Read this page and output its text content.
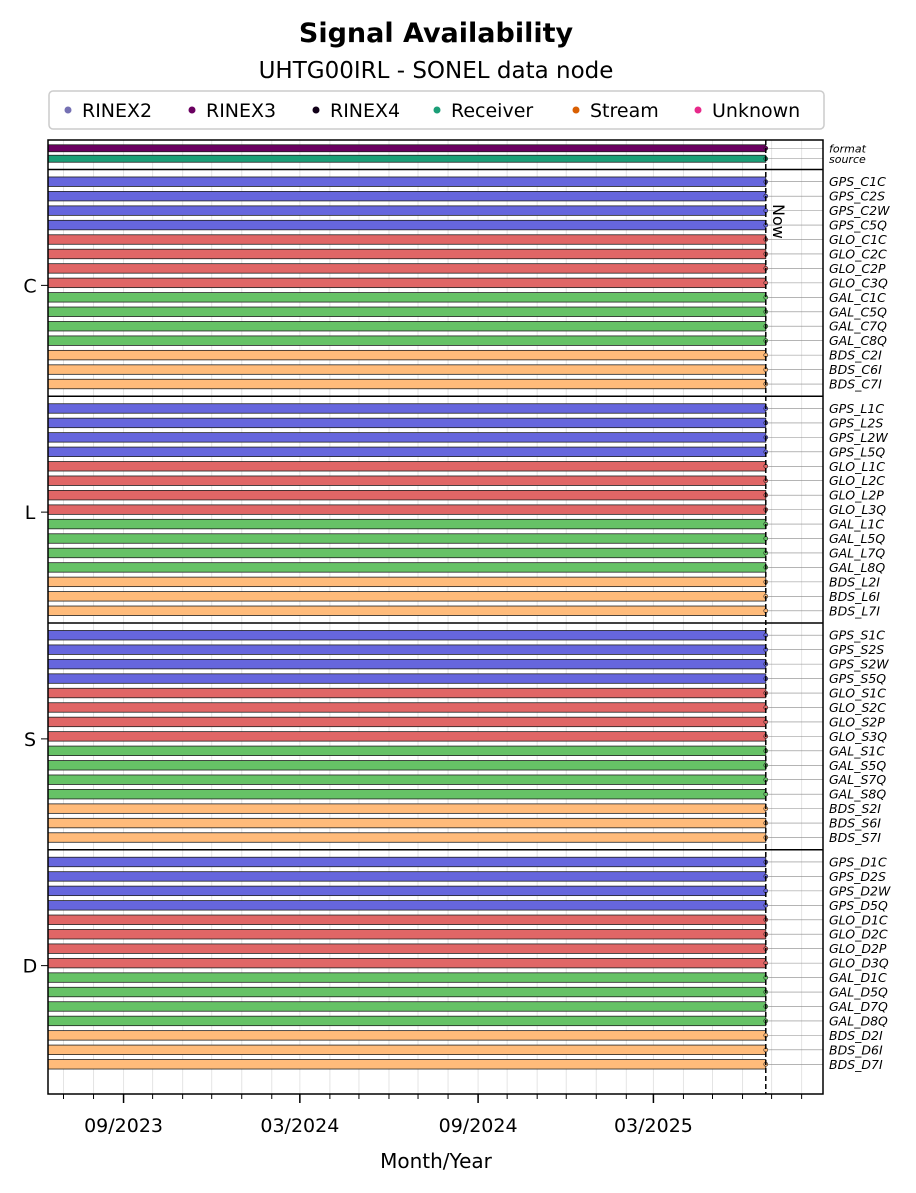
Signal Availability
UHTG00IRL - SONEL data node
RINEX2	RINEX3	RINEX4	Receiver	Stream	Unknown
format
source
GPS_C1C
GPS_C2S
GPS_C2W
GPS_C5Q
GLO_C1C
GLO_C2C
GLO_C2P
GLO_C3Q
GAL_C1C
GAL_C5Q
GAL_C7Q
GAL_C8Q
BDS_C2I
BDS_C6I
BDS_C7I
GPS_L1C
GPS_L2S
GPS_L2W
GPS_L5Q
GLO_L1C
GLO_L2C
GLO_L2P
GLO_L3Q
GAL_L1C
GAL_L5Q
GAL_L7Q
GAL_L8Q
BDS_L2I
BDS_L6I
BDS_L7I
GPS_S1C
GPS_S2S
GPS_S2W
GPS_S5Q
GLO_S1C
GLO_S2C
GLO_S2P
GLO_S3Q
GAL_S1C
GAL_S5Q
GAL_S7Q
GAL_S8Q
BDS_S2I
BDS_S6I
BDS_S7I
GPS_D1C
GPS_D2S
GPS_D2W
GPS_D5Q
GLO_D1C
GLO_D2C
GLO_D2P
GLO_D3Q
GAL_D1C
GAL_D5Q
GAL_D7Q
GAL_D8Q
BDS_D2I
BDS_D6I
BDS_D7I
Now
C
L
S
D
09/2023	03/2024	09/2024	03/2025
Month/Year
